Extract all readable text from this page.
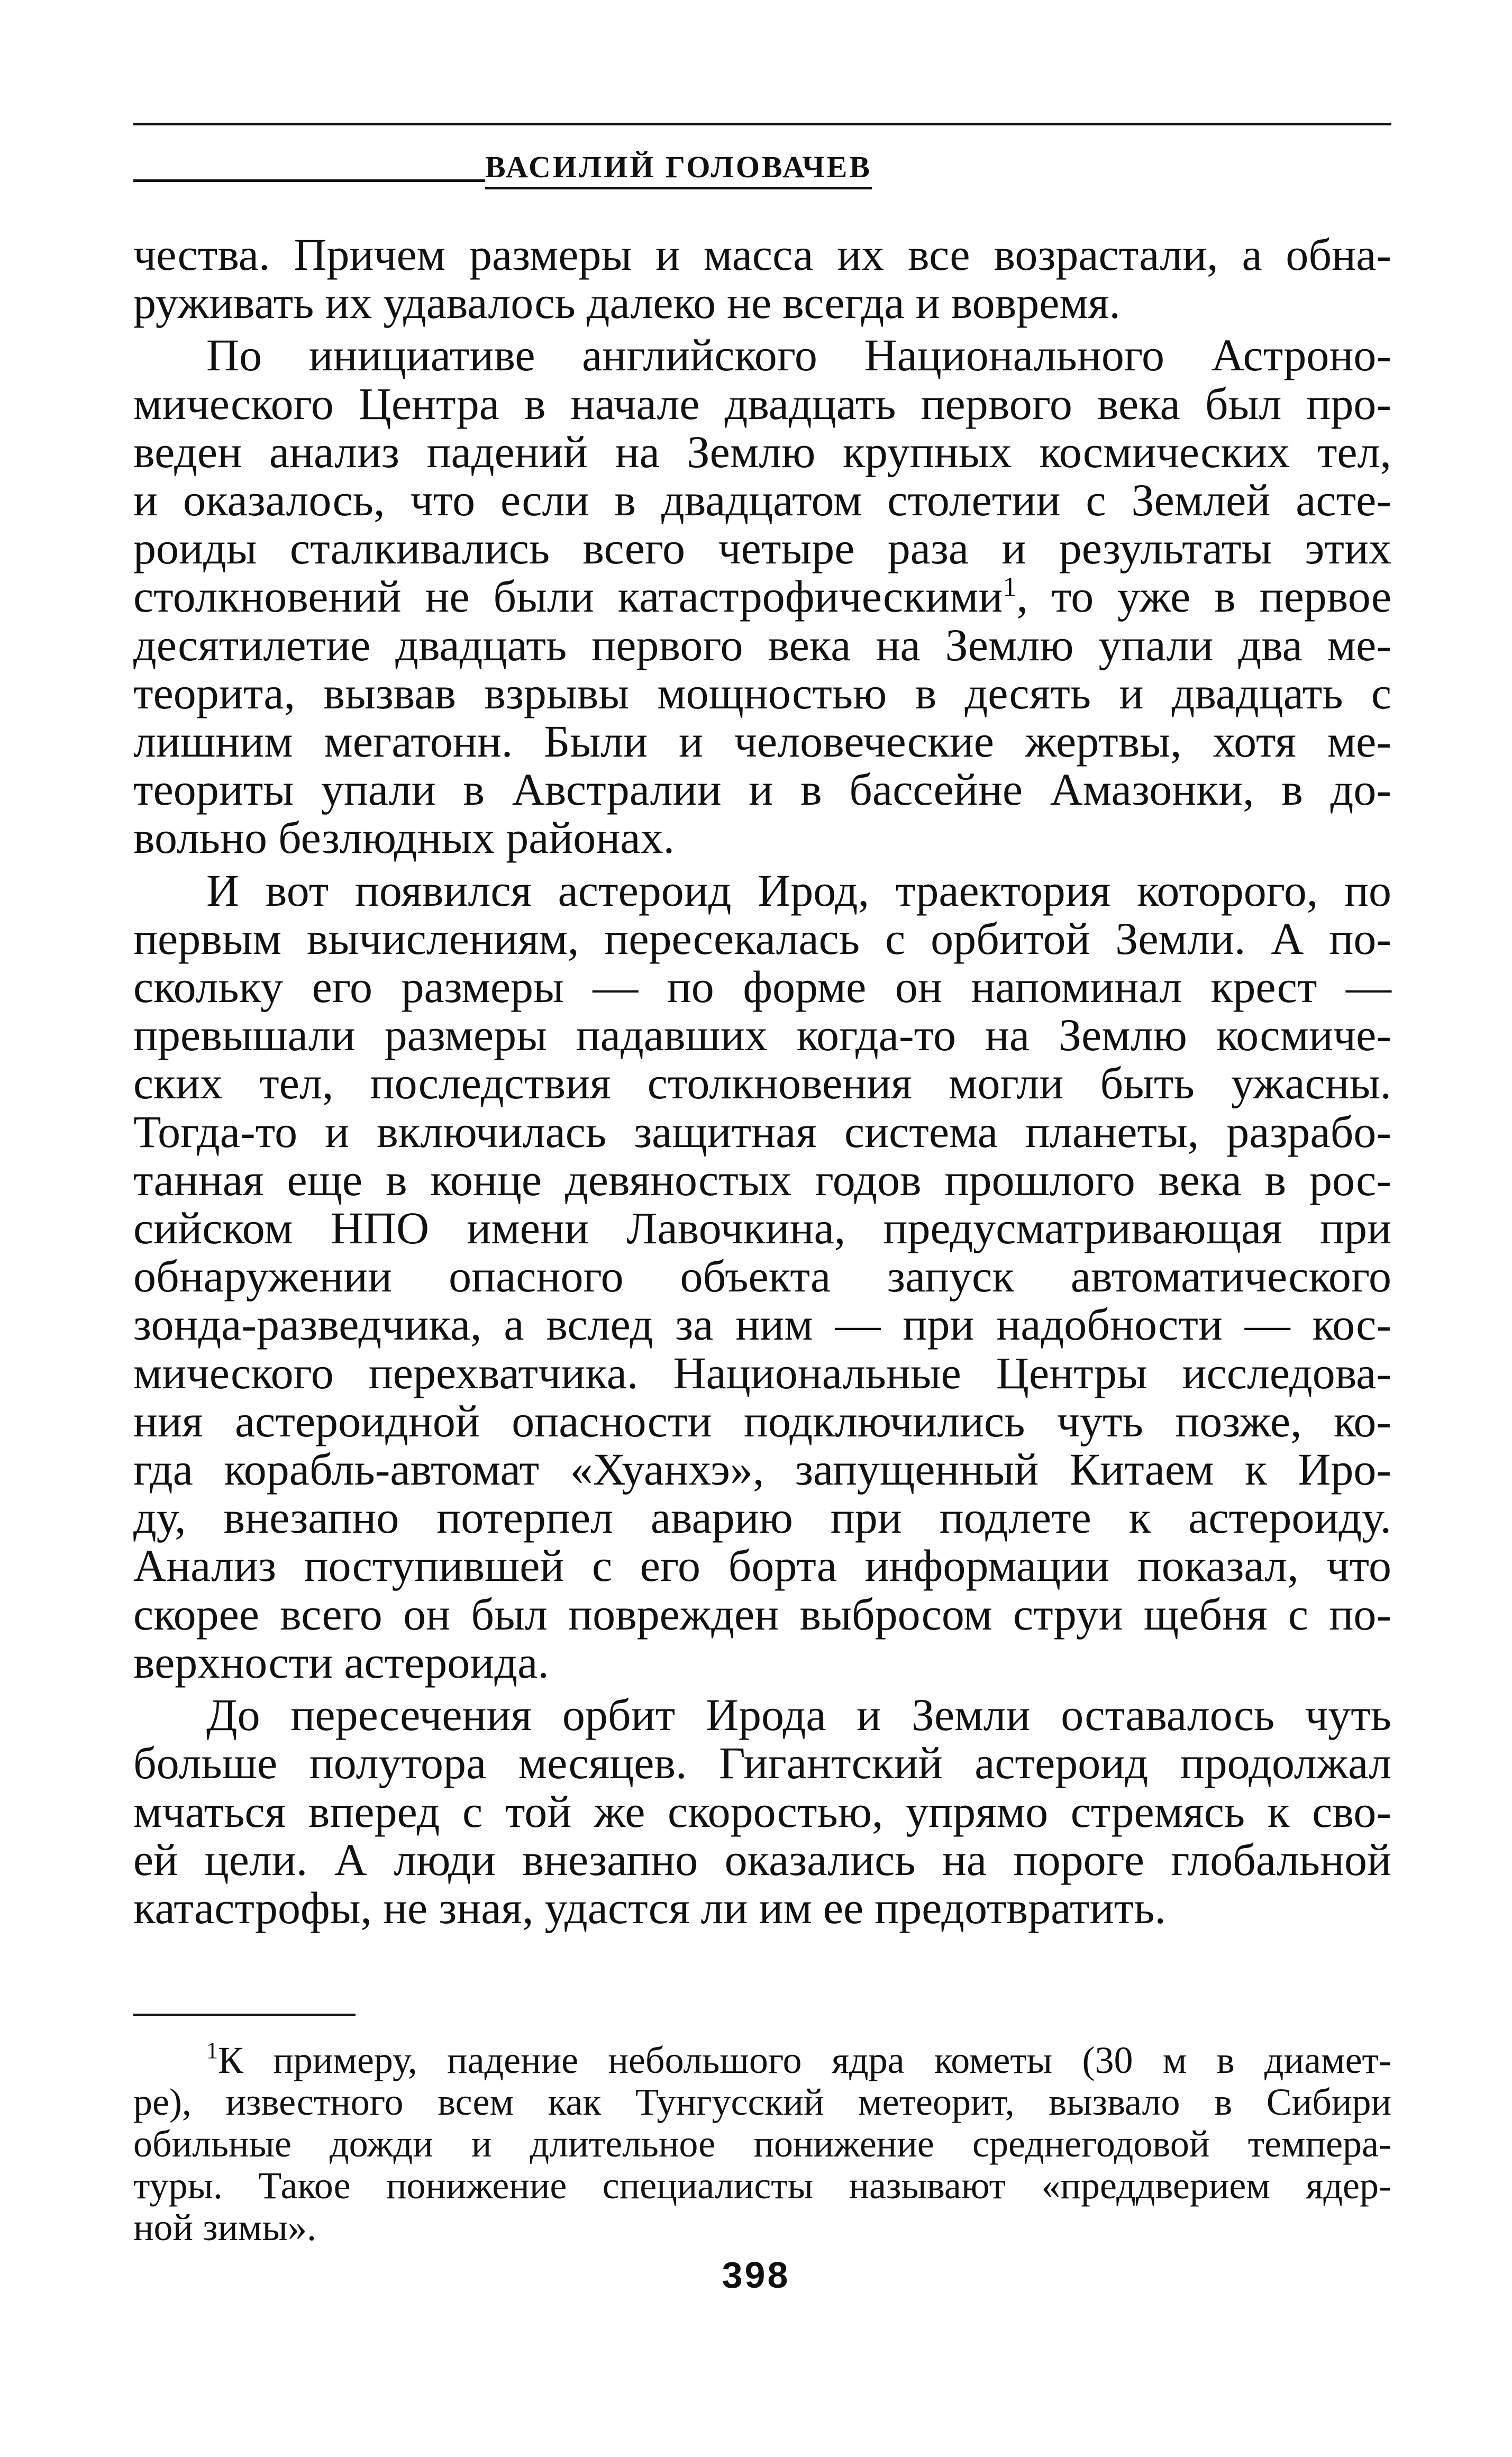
ВАСИЛИЙ ГОЛОВАЧЕВ

чества. Причем размеры и масса их все возрастали, а обна-
руживать их удавалось далеко не всегда и вовремя.

По инициативе английского Национального Астроно-
мического Центра в начале двадцать первого века был про-
веден анализ падений на Землю крупных космических тел,
и оказалось, что если в двадцатом столетии с Землей асте-
роиды сталкивались всего четыре раза и результаты этих
столкновений не были катастрофическими$^1$, то уже в первое
десятилетие двадцать первого века на Землю упали два ме-
теорита, вызвав взрывы мощностью в десять и двадцать с
лишним мегатонн. Были и человеческие жертвы, хотя ме-
теориты упали в Австралии и в бассейне Амазонки, в до-
вольно безлюдных районах.

И вот появился астероид Ирод, траектория которого, по
первым вычислениям, пересекалась с орбитой Земли. А по-
скольку его размеры — по форме он напоминал крест —
превышали размеры падавших когда-то на Землю космиче-
ских тел, последствия столкновения могли быть ужасны.
Тогда-то и включилась защитная система планеты, разрабо-
танная еще в конце девяностых годов прошлого века в рос-
сийском НПО имени Лавочкина, предусматривающая при
обнаружении опасного объекта запуск автоматического
зонда-разведчика, а вслед за ним — при надобности — кос-
мического перехватчика. Национальные Центры исследова-
ния астероидной опасности подключились чуть позже, ко-
гда корабль-автомат «Хуанхэ», запущенный Китаем к Иро-
ду, внезапно потерпел аварию при подлете к астероиду.
Анализ поступившей с его борта информации показал, что
скорее всего он был поврежден выбросом струи щебня с по-
верхности астероида.

До пересечения орбит Ирода и Земли оставалось чуть
больше полутора месяцев. Гигантский астероид продолжал
мчаться вперед с той же скоростью, упрямо стремясь к сво-
ей цели. А люди внезапно оказались на пороге глобальной
катастрофы, не зная, удастся ли им ее предотвратить.

$^1$К примеру, падение небольшого ядра кометы (30 м в диамет-
ре), известного всем как Тунгусский метеорит, вызвало в Сибири
обильные дожди и длительное понижение среднегодовой темпера-
туры. Такое понижение специалисты называют «преддверием ядер-
ной зимы».
398
